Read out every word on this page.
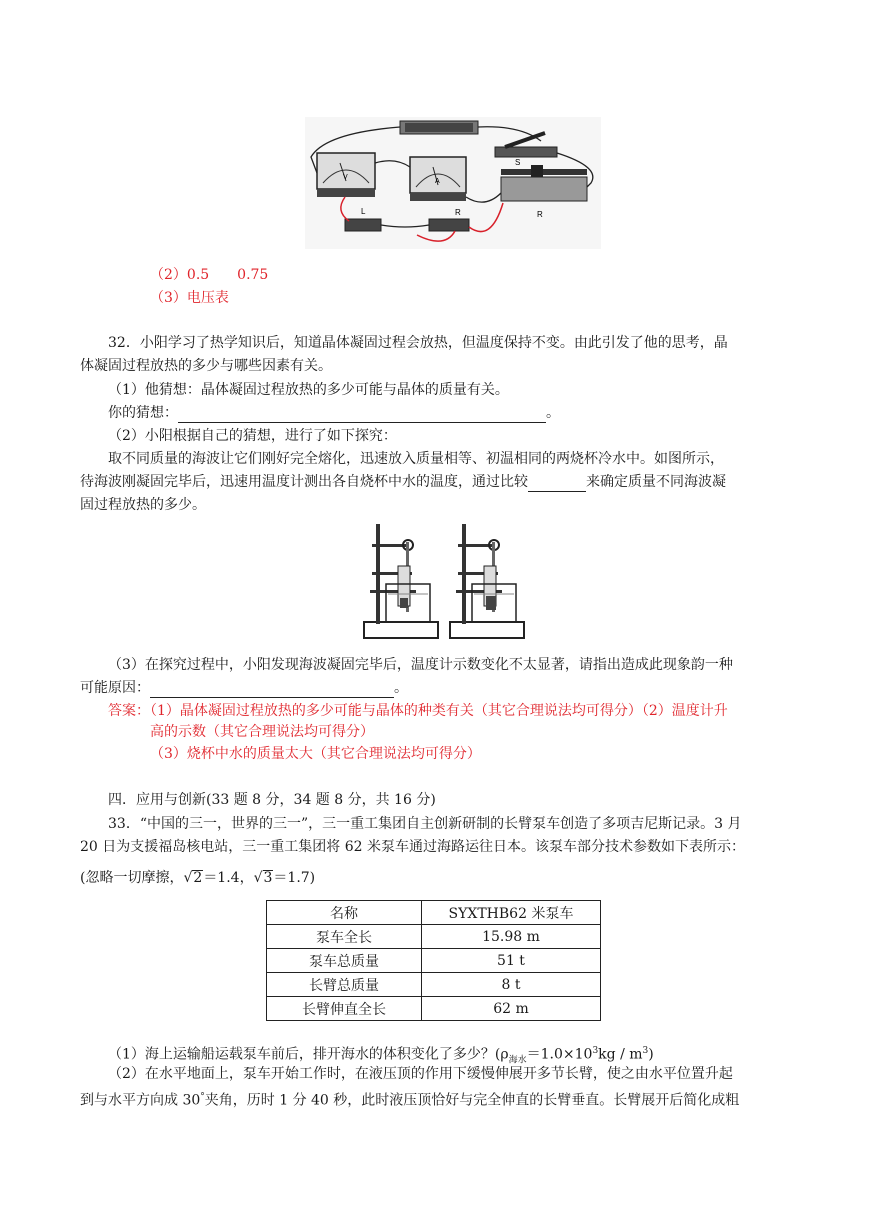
S
V
A
R
L	R
（2）0.5　　0.75
（3）电压表
32．小阳学习了热学知识后，知道晶体凝固过程会放热，但温度保持不变。由此引发了他的思考，晶
体凝固过程放热的多少与哪些因素有关。
（1）他猜想：晶体凝固过程放热的多少可能与晶体的质量有关。
你的猜想：	。
（2）小阳根据自己的猜想，进行了如下探究：
取不同质量的海波让它们刚好完全熔化，迅速放入质量相等、初温相同的两烧杯冷水中。如图所示，
待海波刚凝固完毕后，迅速用温度计测出各自烧杯中水的温度，通过比较	来确定质量不同海波凝
固过程放热的多少。
（3）在探究过程中，小阳发现海波凝固完毕后，温度计示数变化不太显著，请指出造成此现象韵一种
可能原因：	。
答案：（1）晶体凝固过程放热的多少可能与晶体的种类有关（其它合理说法均可得分）（2）温度计升
高的示数（其它合理说法均可得分）
（3）烧杯中水的质量太大（其它合理说法均可得分）
四．应用与创新(33 题 8 分，34 题 8 分，共 16 分)
33．“中国的三一，世界的三一”，三一重工集团自主创新研制的长臂泵车创造了多项吉尼斯记录。3 月
20 日为支援福岛核电站，三一重工集团将 62 米泵车通过海路运往日本。该泵车部分技术参数如下表所示：
(忽略一切摩擦，√2＝1.4，√3＝1.7)
名称	SYXTHB62 米泵车
泵车全长	15.98 m
泵车总质量	51 t
长臂总质量	8 t
长臂伸直全长	62 m
（1）海上运输船运载泵车前后，排开海水的体积变化了多少？$(\rho_{海水}=1.0\times 10^3kg / m^3)$
（2）在水平地面上，泵车开始工作时，在液压顶的作用下缓慢伸展开多节长臂，使之由水平位置升起
到与水平方向成 30°夹角，历时 1 分 40 秒，此时液压顶恰好与完全伸直的长臂垂直。长臂展开后简化成粗
